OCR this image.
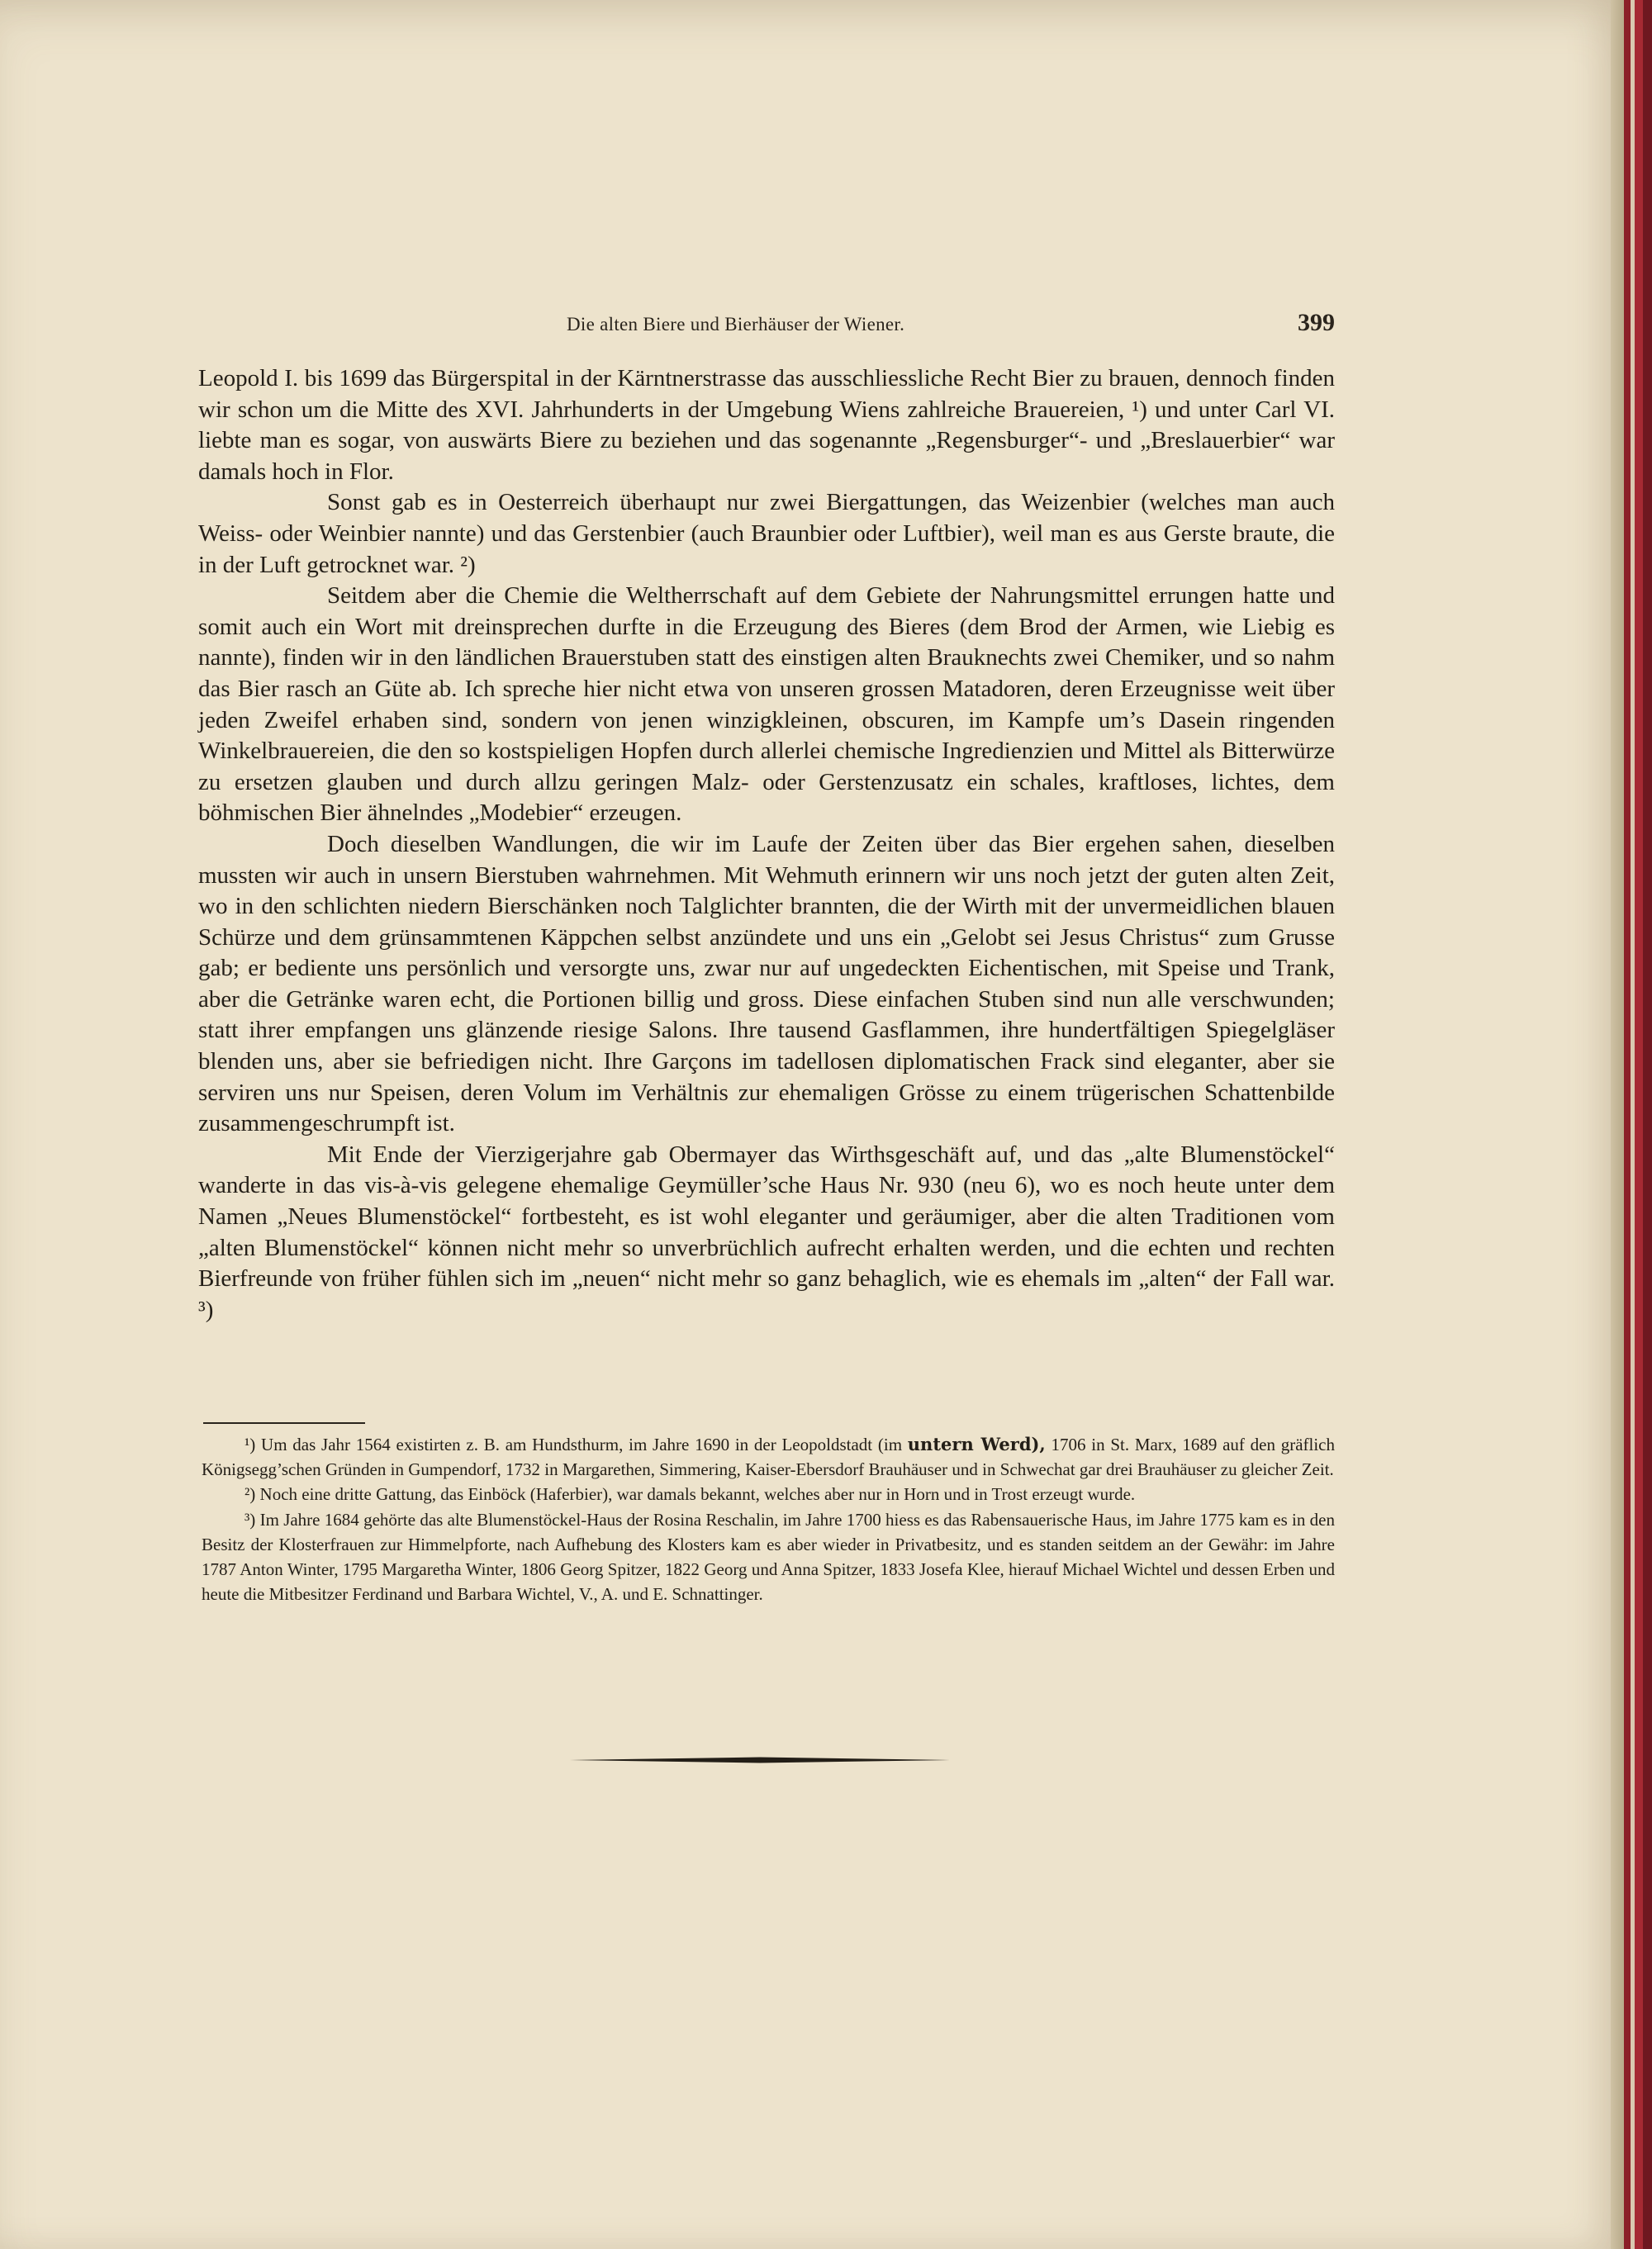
Die alten Biere und Bierhäuser der Wiener.	399

Leopold I. bis 1699 das Bürgerspital in der Kärntnerstrasse das ausschliessliche Recht Bier zu brauen, dennoch finden wir schon um die Mitte des XVI. Jahrhunderts in der Umgebung Wiens zahlreiche Brauereien, ¹) und unter Carl VI. liebte man es sogar, von auswärts Biere zu beziehen und das sogenannte „Regensburger“- und „Breslauerbier“ war damals hoch in Flor.

Sonst gab es in Oesterreich überhaupt nur zwei Biergattungen, das Weizenbier (welches man auch Weiss- oder Weinbier nannte) und das Gerstenbier (auch Braunbier oder Luftbier), weil man es aus Gerste braute, die in der Luft getrocknet war. ²)

Seitdem aber die Chemie die Weltherrschaft auf dem Gebiete der Nahrungsmittel errungen hatte und somit auch ein Wort mit dreinsprechen durfte in die Erzeugung des Bieres (dem Brod der Armen, wie Liebig es nannte), finden wir in den ländlichen Brauerstuben statt des einstigen alten Brauknechts zwei Chemiker, und so nahm das Bier rasch an Güte ab. Ich spreche hier nicht etwa von unseren grossen Matadoren, deren Erzeugnisse weit über jeden Zweifel erhaben sind, sondern von jenen winzigkleinen, obscuren, im Kampfe um’s Dasein ringenden Winkelbrauereien, die den so kostspieligen Hopfen durch allerlei chemische Ingredienzien und Mittel als Bitterwürze zu ersetzen glauben und durch allzu geringen Malz- oder Gerstenzusatz ein schales, kraftloses, lichtes, dem böhmischen Bier ähnelndes „Modebier“ erzeugen.

Doch dieselben Wandlungen, die wir im Laufe der Zeiten über das Bier ergehen sahen, dieselben mussten wir auch in unsern Bierstuben wahrnehmen. Mit Wehmuth erinnern wir uns noch jetzt der guten alten Zeit, wo in den schlichten niedern Bierschänken noch Talglichter brannten, die der Wirth mit der unvermeidlichen blauen Schürze und dem grünsammtenen Käppchen selbst anzündete und uns ein „Gelobt sei Jesus Christus“ zum Grusse gab; er bediente uns persönlich und versorgte uns, zwar nur auf ungedeckten Eichentischen, mit Speise und Trank, aber die Getränke waren echt, die Portionen billig und gross. Diese einfachen Stuben sind nun alle verschwunden; statt ihrer empfangen uns glänzende riesige Salons. Ihre tausend Gasflammen, ihre hundertfältigen Spiegelgläser blenden uns, aber sie befriedigen nicht. Ihre Garçons im tadellosen diplomatischen Frack sind eleganter, aber sie serviren uns nur Speisen, deren Volum im Verhältnis zur ehemaligen Grösse zu einem trügerischen Schattenbilde zusammengeschrumpft ist.

Mit Ende der Vierzigerjahre gab Obermayer das Wirthsgeschäft auf, und das „alte Blumenstöckel“ wanderte in das vis-à-vis gelegene ehemalige Geymüller’sche Haus Nr. 930 (neu 6), wo es noch heute unter dem Namen „Neues Blumenstöckel“ fortbesteht, es ist wohl eleganter und geräumiger, aber die alten Traditionen vom „alten Blumenstöckel“ können nicht mehr so unverbrüchlich aufrecht erhalten werden, und die echten und rechten Bierfreunde von früher fühlen sich im „neuen“ nicht mehr so ganz behaglich, wie es ehemals im „alten“ der Fall war. ³)

¹) Um das Jahr 1564 existirten z. B. am Hundsthurm, im Jahre 1690 in der Leopoldstadt (im untern Werd), 1706 in St. Marx, 1689 auf den gräflich Königsegg’schen Gründen in Gumpendorf, 1732 in Margarethen, Simmering, Kaiser-Ebersdorf Brauhäuser und in Schwechat gar drei Brauhäuser zu gleicher Zeit.

²) Noch eine dritte Gattung, das Einböck (Haferbier), war damals bekannt, welches aber nur in Horn und in Trost erzeugt wurde.

³) Im Jahre 1684 gehörte das alte Blumenstöckel-Haus der Rosina Reschalin, im Jahre 1700 hiess es das Rabensauerische Haus, im Jahre 1775 kam es in den Besitz der Klosterfrauen zur Himmelpforte, nach Aufhebung des Klosters kam es aber wieder in Privatbesitz, und es standen seitdem an der Gewähr: im Jahre 1787 Anton Winter, 1795 Margaretha Winter, 1806 Georg Spitzer, 1822 Georg und Anna Spitzer, 1833 Josefa Klee, hierauf Michael Wichtel und dessen Erben und heute die Mitbesitzer Ferdinand und Barbara Wichtel, V., A. und E. Schnattinger.
